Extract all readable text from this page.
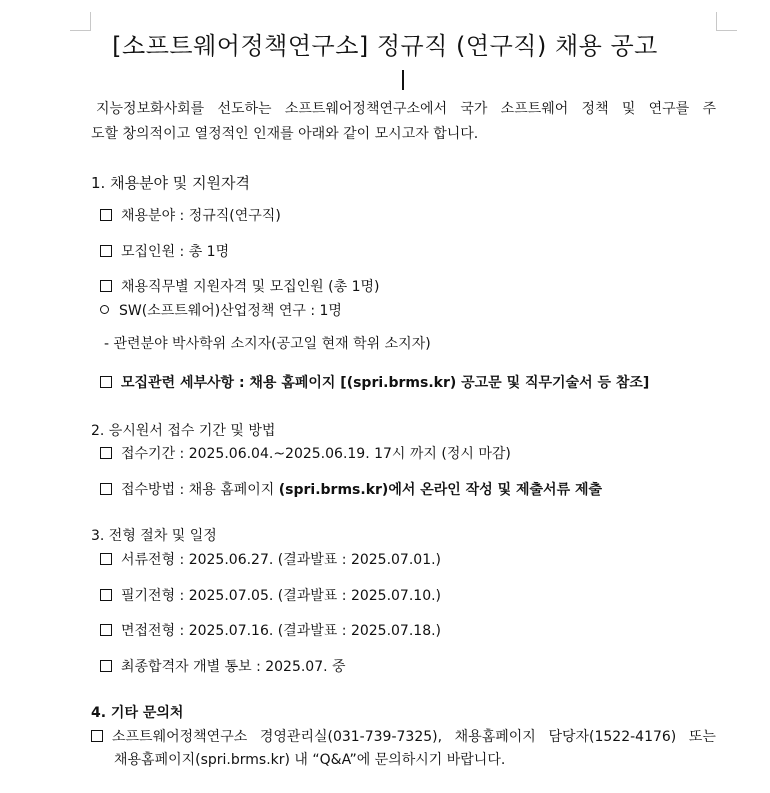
[소프트웨어정책연구소] 정규직 (연구직) 채용 공고
지능정보화사회를 선도하는 소프트웨어정책연구소에서 국가 소프트웨어 정책 및 연구를 주
도할 창의적이고 열정적인 인재를 아래와 같이 모시고자 합니다.
1. 채용분야 및 지원자격
채용분야 : 정규직(연구직)
모집인원 : 총 1명
채용직무별 지원자격 및 모집인원 (총 1명)
SW(소프트웨어)산업정책 연구 : 1명
- 관련분야 박사학위 소지자(공고일 현재 학위 소지자)
모집관련 세부사항 : 채용 홈페이지 [(spri.brms.kr) 공고문 및 직무기술서 등 참조]
2. 응시원서 접수 기간 및 방법
접수기간 : 2025.06.04.~2025.06.19. 17시 까지 (정시 마감)
접수방법 : 채용 홈페이지 (spri.brms.kr)에서 온라인 작성 및 제출서류 제출
3. 전형 절차 및 일정
서류전형 : 2025.06.27. (결과발표 : 2025.07.01.)
필기전형 : 2025.07.05. (결과발표 : 2025.07.10.)
면접전형 : 2025.07.16. (결과발표 : 2025.07.18.)
최종합격자 개별 통보 : 2025.07. 중
4. 기타 문의처
소프트웨어정책연구소 경영관리실(031-739-7325), 채용홈페이지 담당자(1522-4176) 또는
채용홈페이지(spri.brms.kr) 내 “Q&A”에 문의하시기 바랍니다.
